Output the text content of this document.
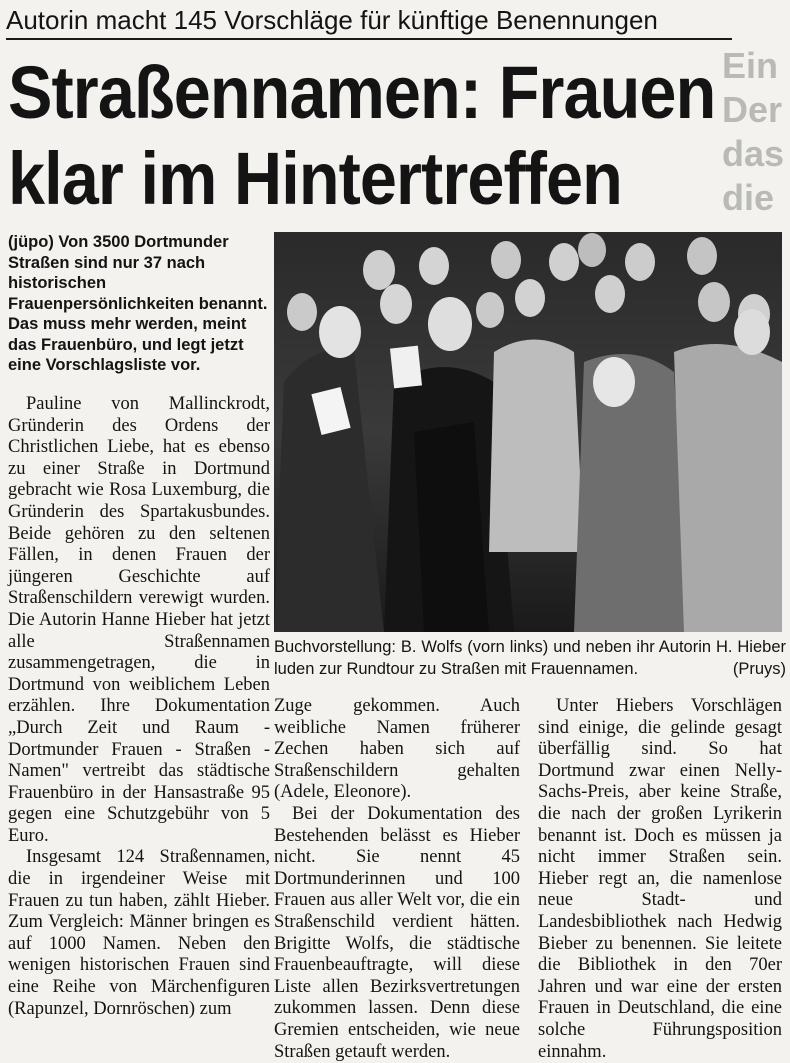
Ein
Der
das
die
Autorin macht 145 Vorschläge für künftige Benennungen
Straßennamen: Frauen
klar im Hintertreffen
(jüpo) Von 3500 Dortmunder Straßen sind nur 37 nach historischen Frauenpersönlichkeiten benannt. Das muss mehr werden, meint das Frauenbüro, und legt jetzt eine Vorschlagsliste vor.

Pauline von Mallinckrodt, Gründerin des Ordens der Christlichen Liebe, hat es ebenso zu einer Straße in Dortmund gebracht wie Rosa Luxemburg, die Gründerin des Spartakusbundes. Beide gehören zu den seltenen Fällen, in denen Frauen der jüngeren Geschichte auf Straßenschildern verewigt wurden. Die Autorin Hanne Hieber hat jetzt alle Straßennamen zusammengetragen, die in Dortmund von weiblichem Leben erzählen. Ihre Dokumentation „Durch Zeit und Raum - Dortmunder Frauen - Straßen - Namen" vertreibt das städtische Frauenbüro in der Hansastraße 95 gegen eine Schutzgebühr von 5 Euro.

Insgesamt 124 Straßennamen, die in irgendeiner Weise mit Frauen zu tun haben, zählt Hieber. Zum Vergleich: Männer bringen es auf 1000 Namen. Neben den wenigen historischen Frauen sind eine Reihe von Märchenfiguren (Rapunzel, Dornröschen) zum

Buchvorstellung: B. Wolfs (vorn links) und neben ihr Autorin H. Hieber luden zur Rundtour zu Straßen mit Frauennamen.	(Pruys)

Zuge gekommen. Auch weibliche Namen früherer Zechen haben sich auf Straßenschildern gehalten (Adele, Eleonore).

Bei der Dokumentation des Bestehenden belässt es Hieber nicht. Sie nennt 45 Dortmunderinnen und 100 Frauen aus aller Welt vor, die ein Straßenschild verdient hätten. Brigitte Wolfs, die städtische Frauenbeauftragte, will diese Liste allen Bezirksvertretungen zukommen lassen. Denn diese Gremien entscheiden, wie neue Straßen getauft werden.

Unter Hiebers Vorschlägen sind einige, die gelinde gesagt überfällig sind. So hat Dortmund zwar einen Nelly-Sachs-Preis, aber keine Straße, die nach der großen Lyrikerin benannt ist. Doch es müssen ja nicht immer Straßen sein. Hieber regt an, die namenlose neue Stadt- und Landesbibliothek nach Hedwig Bieber zu benennen. Sie leitete die Bibliothek in den 70er Jahren und war eine der ersten Frauen in Deutschland, die eine solche Führungsposition einnahm.
